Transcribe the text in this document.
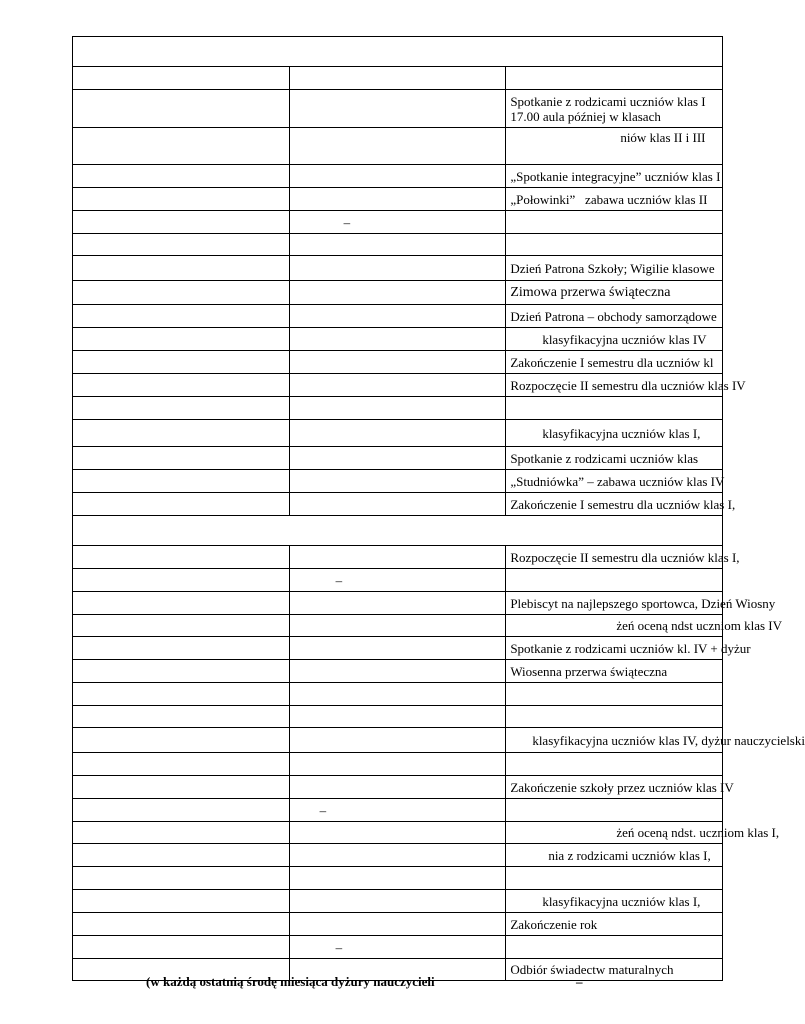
		Spotkanie z rodzicami uczniów klas I
17.00 aula później w klasach

		niów klas II i III
		„Spotkanie integracyjne” uczniów klas I
		„Połowinki”   zabawa uczniów klas II
	–	

		Dzień Patrona Szkoły; Wigilie klasowe
		Zimowa przerwa świąteczna
		Dzień Patrona – obchody samorządowe
		klasyfikacyjna uczniów klas IV
		Zakończenie I semestru dla uczniów kl
		Rozpoczęcie II semestru dla uczniów klas IV

		klasyfikacyjna uczniów klas I,
		Spotkanie z rodzicami uczniów klas
		„Studniówka” – zabawa uczniów klas IV
		Zakończenie I semestru dla uczniów klas I,

		Rozpoczęcie II semestru dla uczniów klas I,
	–	
		Plebiscyt na najlepszego sportowca, Dzień Wiosny
		żeń oceną ndst uczniom klas IV
		Spotkanie z rodzicami uczniów kl. IV + dyżur
		Wiosenna przerwa świąteczna

		klasyfikacyjna uczniów klas IV, dyżur nauczycielski

		Zakończenie szkoły przez uczniów klas IV
	–	
		żeń oceną ndst. uczniom klas I,
		nia z rodzicami uczniów klas I,

		klasyfikacyjna uczniów klas I,
		Zakończenie rok
	–	
		Odbiór świadectw maturalnych
(w każdą ostatnią środę miesiąca dyżury nauczycieli	–
